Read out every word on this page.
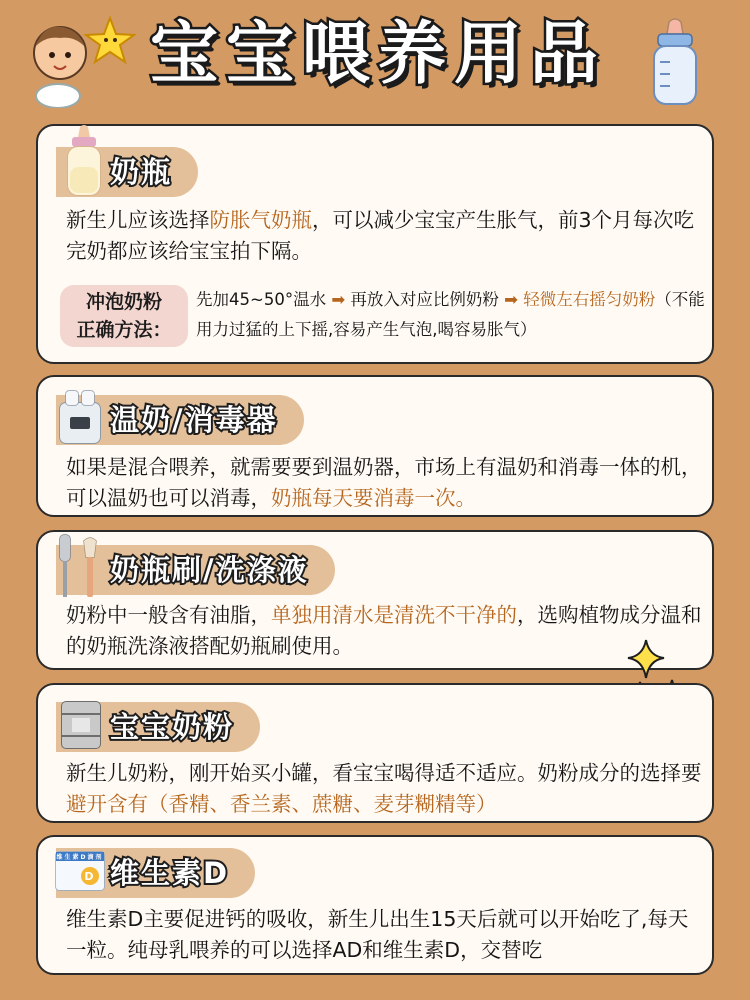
宝宝喂养用品
奶瓶
新生儿应该选择防胀气奶瓶，可以减少宝宝产生胀气，前3个月每次吃完奶都应该给宝宝拍下隔。
冲泡奶粉
正确方法：
先加45~50°温水 ➡ 再放入对应比例奶粉 ➡ 轻微左右摇匀奶粉（不能用力过猛的上下摇,容易产生气泡,喝容易胀气）
温奶/消毒器
如果是混合喂养，就需要要到温奶器，市场上有温奶和消毒一体的机，可以温奶也可以消毒，奶瓶每天要消毒一次。
奶瓶刷/洗涤液
奶粉中一般含有油脂，单独用清水是清洗不干净的，选购植物成分温和的奶瓶洗涤液搭配奶瓶刷使用。
宝宝奶粉
新生儿奶粉，刚开始买小罐，看宝宝喝得适不适应。奶粉成分的选择要避开含有（香精、香兰素、蔗糖、麦芽糊精等）
维生素D滴剂
D 维生素D
维生素D主要促进钙的吸收，新生儿出生15天后就可以开始吃了,每天一粒。纯母乳喂养的可以选择AD和维生素D，交替吃
